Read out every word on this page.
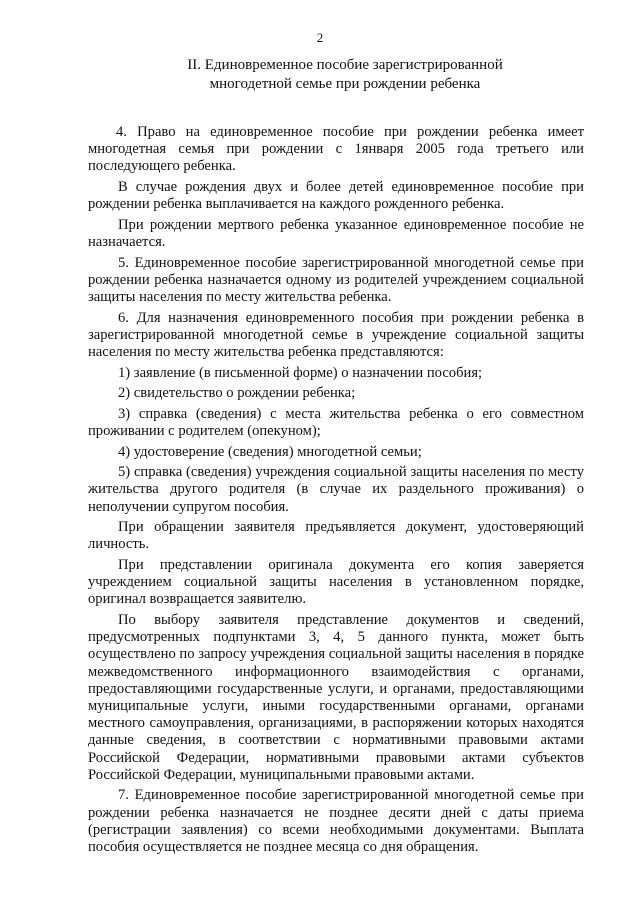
2
II. Единовременное пособие зарегистрированной
многодетной семье при рождении ребенка

4. Право на единовременное пособие при рождении ребенка имеет многодетная семья при рождении с 1января 2005 года третьего или последующего ребенка.

В случае рождения двух и более детей единовременное пособие при рождении ребенка выплачивается на каждого рожденного ребенка.

При рождении мертвого ребенка указанное единовременное пособие не назначается.

5. Единовременное пособие зарегистрированной многодетной семье при рождении ребенка назначается одному из родителей учреждением социальной защиты населения по месту жительства ребенка.

6. Для назначения единовременного пособия при рождении ребенка в зарегистрированной многодетной семье в учреждение социальной защиты населения по месту жительства ребенка представляются:

1) заявление (в письменной форме) о назначении пособия;

2) свидетельство о рождении ребенка;

3) справка (сведения) с места жительства ребенка о его совместном проживании с родителем (опекуном);

4) удостоверение (сведения) многодетной семьи;

5) справка (сведения) учреждения социальной защиты населения по месту жительства другого родителя (в случае их раздельного проживания) о неполучении супругом пособия.

При обращении заявителя предъявляется документ, удостоверяющий личность.

При представлении оригинала документа его копия заверяется учреждением социальной защиты населения в установленном порядке, оригинал возвращается заявителю.

По выбору заявителя представление документов и сведений, предусмотренных подпунктами 3, 4, 5 данного пункта, может быть осуществлено по запросу учреждения социальной защиты населения в порядке межведомственного информационного взаимодействия с органами, предоставляющими государственные услуги, и органами, предоставляющими муниципальные услуги, иными государственными органами, органами местного самоуправления, организациями, в распоряжении которых находятся данные сведения, в соответствии с нормативными правовыми актами Российской Федерации, нормативными правовыми актами субъектов Российской Федерации, муниципальными правовыми актами.

7. Единовременное пособие зарегистрированной многодетной семье при рождении ребенка назначается не позднее десяти дней с даты приема (регистрации заявления) со всеми необходимыми документами. Выплата пособия осуществляется не позднее месяца со дня обращения.
